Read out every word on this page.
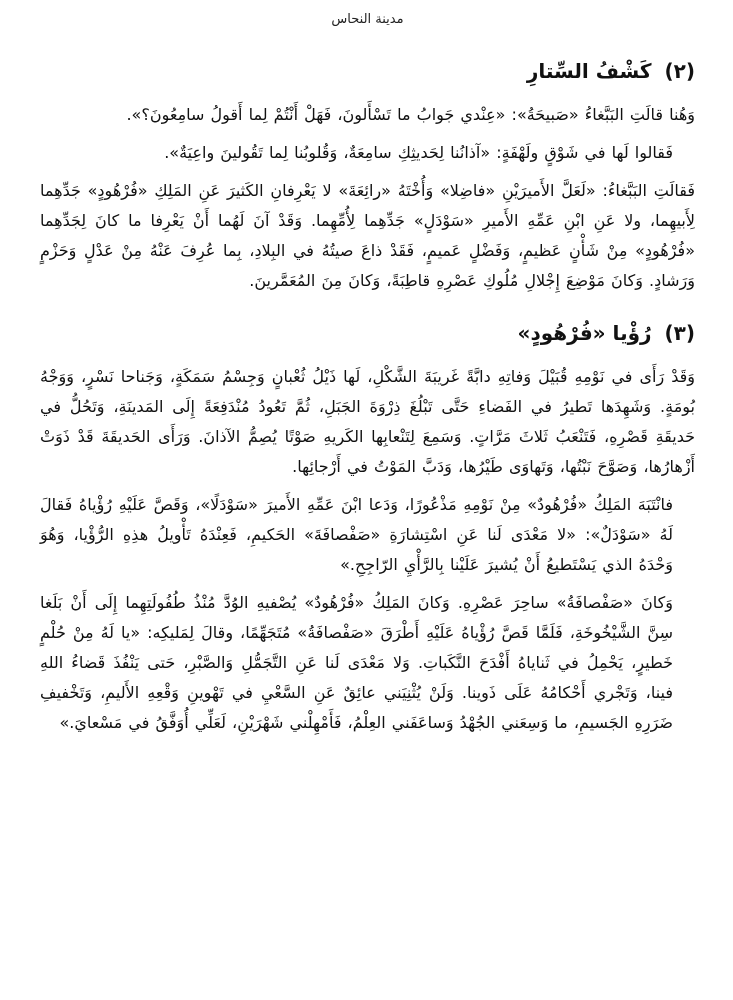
مدينة النحاس
(٢) كَشْفُ السِّتارِ

وَهُنا قالَتِ البَبَّغاءُ «صَبيحَةُ»: «عِنْدي جَوابُ ما تَسْأَلونَ، فَهَلْ أَنْتُمْ لِما أَقولُ سامِعُونَ؟».

فَقالوا لَها في شَوْقٍ ولَهْفَةٍ: «آذانُنا لِحَديثِكِ سامِعَةٌ، وَقُلوبُنا لِما تَقُولينَ واعِيَةٌ».

فَقالَتِ البَبَّغاءُ: «لَعَلَّ الأَميرَيْنِ «فاضِلا» وَأُخْتَهُ «رائِعَةَ» لا يَعْرِفانِ الكَثيرَ عَنِ المَلِكِ «فُرْهُودٍ» جَدِّهِما لِأَبيهِما، ولا عَنِ ابْنِ عَمِّهِ الأَميرِ «سَوْدَلٍ» جَدِّهِما لِأُمِّهِما. وَقَدْ آنَ لَهُما أَنْ يَعْرِفا ما كانَ لِجَدِّهِما «فُرْهُودٍ» مِنْ شَأْنٍ عَظيمٍ، وَفَضْلٍ عَميمٍ، فَقَدْ ذاعَ صيتُهُ في البِلادِ، بِما عُرِفَ عَنْهُ مِنْ عَدْلٍ وَحَزْمٍ وَرَشادٍ. وَكانَ مَوْضِعَ إِجْلالِ مُلُوكِ عَصْرِهِ قاطِبَةً، وَكانَ مِنَ المُعَمَّرينَ.

(٣) رُؤْيا «فُرْهُودٍ»

وَقَدْ رَأَى في نَوْمِهِ قُبَيْلَ وَفاتِهِ دابَّةً غَريبَةَ الشَّكْلِ، لَها ذَيْلُ ثُعْبانٍ وَجِسْمُ سَمَكَةٍ، وَجَناحا نَسْرٍ، وَوَجْهُ بُومَةٍ. وَشَهِدَها تَطيرُ في الفَضاءِ حَتَّى تَبْلُغَ ذِرْوَةَ الجَبَلِ، ثُمَّ تَعُودُ مُنْدَفِعَةً إِلَى المَدينَةِ، وَتَحُلُّ في حَديقَةِ قَصْرِهِ، فَتَنْعَبُ ثَلاثَ مَرَّاتٍ. وَسَمِعَ لِتَنْعابِها الكَريهِ صَوْتًا يُصِمُّ الآذانَ. وَرَأَى الحَديقَةَ قَدْ ذَوَتْ أَزْهارُها، وَصَوَّحَ نَبْتُها، وَتَهاوَى طَيْرُها، وَدَبَّ المَوْتُ في أَرْجائِها.

فانْتَبَهَ المَلِكُ «فُرْهُودٌ» مِنْ نَوْمِهِ مَذْعُورًا، وَدَعا ابْنَ عَمِّهِ الأَميرَ «سَوْدَلًا»، وَقَصَّ عَلَيْهِ رُؤْياهُ فَقالَ لَهُ «سَوْدَلٌ»: «لا مَعْدَى لَنا عَنِ اسْتِشارَةِ «صَفْصافَةَ» الحَكيمِ، فَعِنْدَهُ تَأْويلُ هذِهِ الرُّؤْيا، وَهُوَ وَحْدَهُ الذي يَسْتَطيعُ أَنْ يُشيرَ عَلَيْنا بِالرَّأْيِ الرّاجِحِ.»

وَكانَ «صَفْصافَةُ» ساحِرَ عَصْرِهِ. وَكانَ المَلِكُ «فُرْهُودٌ» يُصْفيهِ الوُدَّ مُنْذُ طُفُولَتِهِما إِلَى أَنْ بَلَغا سِنَّ الشَّيْخُوخَةِ، فَلَمَّا قَصَّ رُؤْياهُ عَلَيْهِ أَطْرَقَ «صَفْصافَةُ» مُتَجَهِّمًا، وقالَ لِمَليكِه: «يا لَهُ مِنْ حُلْمٍ خَطيرٍ، يَحْمِلُ في ثَناياهُ أَفْدَحَ النَّكَباتِ. وَلا مَعْدَى لَنا عَنِ التَّجَمُّلِ وَالصَّبْرِ، حَتى يَنْفُذَ قَضاءُ اللهِ فينا، وَتَجْري أَحْكامُهُ عَلَى ذَوينا. وَلَنْ يُثْنِيَني عائِقٌ عَنِ السَّعْيِ في تَهْوينِ وَقْعِهِ الأَليمِ، وَتَخْفيفِ ضَرَرِهِ الجَسيمِ، ما وَسِعَني الجُهْدُ وَساعَفَني العِلْمُ، فَأَمْهِلْني شَهْرَيْنِ، لَعَلِّي أُوَفَّقُ في مَسْعايَ.»
